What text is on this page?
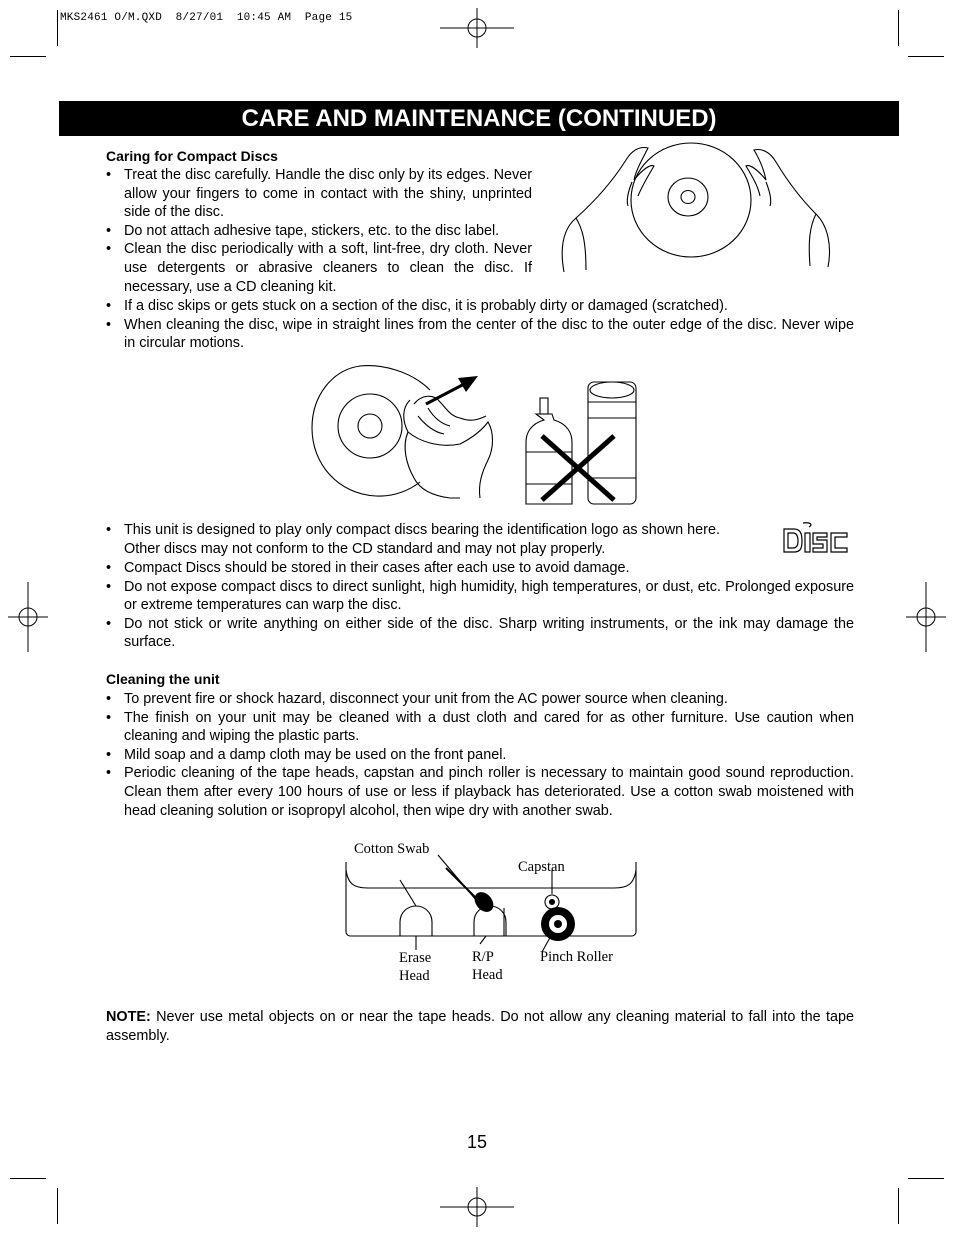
MKS2461 O/M.QXD  8/27/01  10:45 AM  Page 15
CARE AND MAINTENANCE (CONTINUED)
Caring for Compact Discs
• Treat the disc carefully. Handle the disc only by its edges. Never allow your fingers to come in contact with the shiny, unprinted side of the disc.
• Do not attach adhesive tape, stickers, etc. to the disc label.
• Clean the disc periodically with a soft, lint-free, dry cloth. Never use detergents or abrasive cleaners to clean the disc. If necessary, use a CD cleaning kit.
• If a disc skips or gets stuck on a section of the disc, it is probably dirty or damaged (scratched).
• When cleaning the disc, wipe in straight lines from the center of the disc to the outer edge of the disc. Never wipe in circular motions.
• This unit is designed to play only compact discs bearing the identification logo as shown here.
Other discs may not conform to the CD standard and may not play properly.
• Compact Discs should be stored in their cases after each use to avoid damage.
• Do not expose compact discs to direct sunlight, high humidity, high temperatures, or dust, etc. Prolonged exposure or extreme temperatures can warp the disc.
• Do not stick or write anything on either side of the disc. Sharp writing instruments, or the ink may damage the surface.
Cleaning the unit
• To prevent fire or shock hazard, disconnect your unit from the AC power source when cleaning.
• The finish on your unit may be cleaned with a dust cloth and cared for as other furniture. Use caution when cleaning and wiping the plastic parts.
• Mild soap and a damp cloth may be used on the front panel.
• Periodic cleaning of the tape heads, capstan and pinch roller is necessary to maintain good sound reproduction. Clean them after every 100 hours of use or less if playback has deteriorated. Use a cotton swab moistened with head cleaning solution or isopropyl alcohol, then wipe dry with another swab.
Cotton Swab
Capstan
Erase
Head
R/P
Head
Pinch Roller
NOTE: Never use metal objects on or near the tape heads. Do not allow any cleaning material to fall into the tape assembly.
15
